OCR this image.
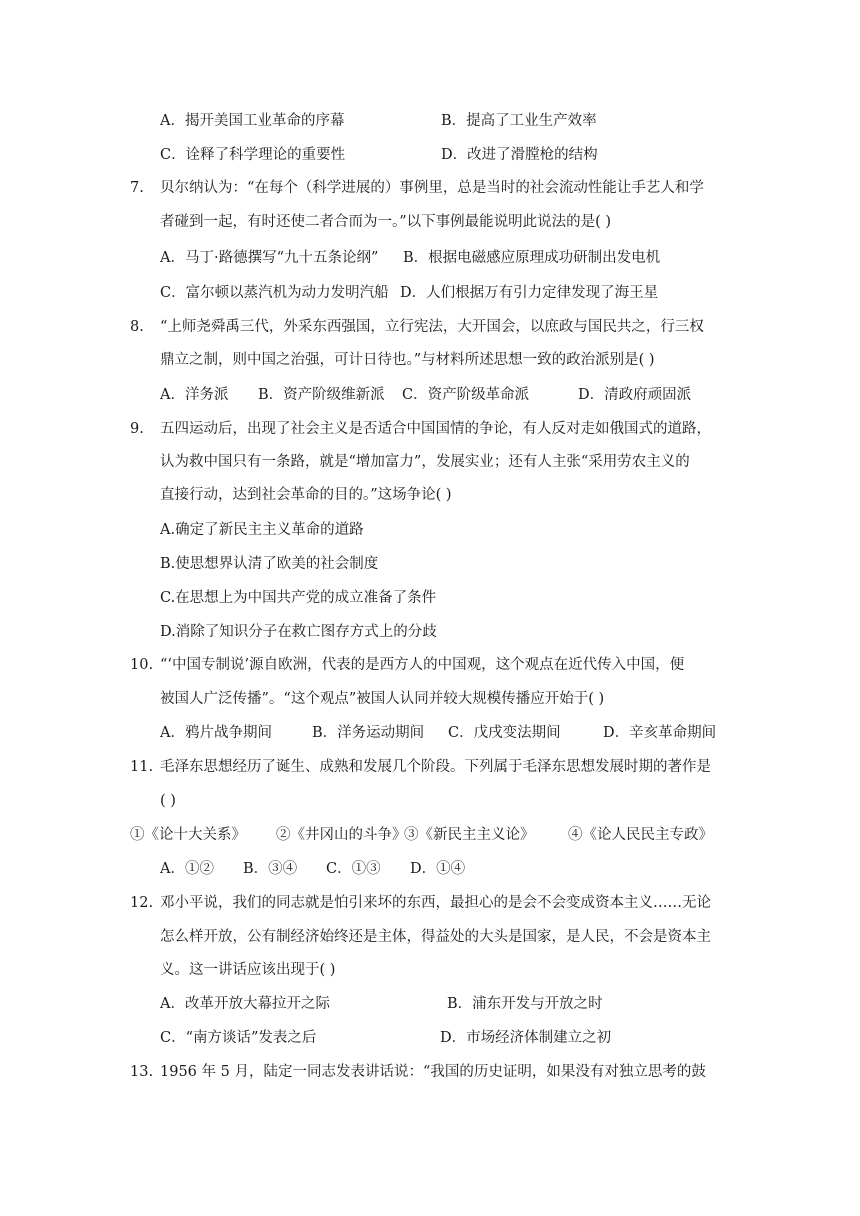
A．揭开美国工业革命的序幕	B．提高了工业生产效率
C．诠释了科学理论的重要性	D．改进了滑膛枪的结构
7. 贝尔纳认为：“在每个（科学进展的）事例里，总是当时的社会流动性能让手艺人和学
者碰到一起，有时还使二者合而为一。”以下事例最能说明此说法的是( )
A．马丁·路德撰写“九十五条论纲” B．根据电磁感应原理成功研制出发电机
C．富尔顿以蒸汽机为动力发明汽船 D．人们根据万有引力定律发现了海王星
8. “上师尧舜禹三代，外采东西强国，立行宪法，大开国会，以庶政与国民共之，行三权
鼎立之制，则中国之治强，可计日待也。”与材料所述思想一致的政治派别是( )
A．洋务派 B．资产阶级维新派 C．资产阶级革命派	D．清政府顽固派
9. 五四运动后，出现了社会主义是否适合中国国情的争论，有人反对走如俄国式的道路，
认为救中国只有一条路，就是“增加富力”，发展实业；还有人主张“采用劳农主义的
直接行动，达到社会革命的目的。”这场争论( )
A.确定了新民主主义革命的道路
B.使思想界认清了欧美的社会制度
C.在思想上为中国共产党的成立准备了条件
D.消除了知识分子在救亡图存方式上的分歧
10. “‘中国专制说’源自欧洲，代表的是西方人的中国观，这个观点在近代传入中国，便
被国人广泛传播”。“这个观点”被国人认同并较大规模传播应开始于( )
A．鸦片战争期间	B．洋务运动期间 C．戊戌变法期间	D．辛亥革命期间
11. 毛泽东思想经历了诞生、成熟和发展几个阶段。下列属于毛泽东思想发展时期的著作是
( )
①《论十大关系》 ②《井冈山的斗争》
③《新民主主义论》 ④《论人民民主专政》
A．①② B．③④ C．①③ D．①④
12. 邓小平说，我们的同志就是怕引来坏的东西，最担心的是会不会变成资本主义……无论
怎么样开放，公有制经济始终还是主体，得益处的大头是国家，是人民，不会是资本主
义。这一讲话应该出现于( )
A．改革开放大幕拉开之际	B．浦东开发与开放之时
C．“南方谈话”发表之后	D．市场经济体制建立之初
13. 1956 年 5 月，陆定一同志发表讲话说：“我国的历史证明，如果没有对独立思考的鼓
